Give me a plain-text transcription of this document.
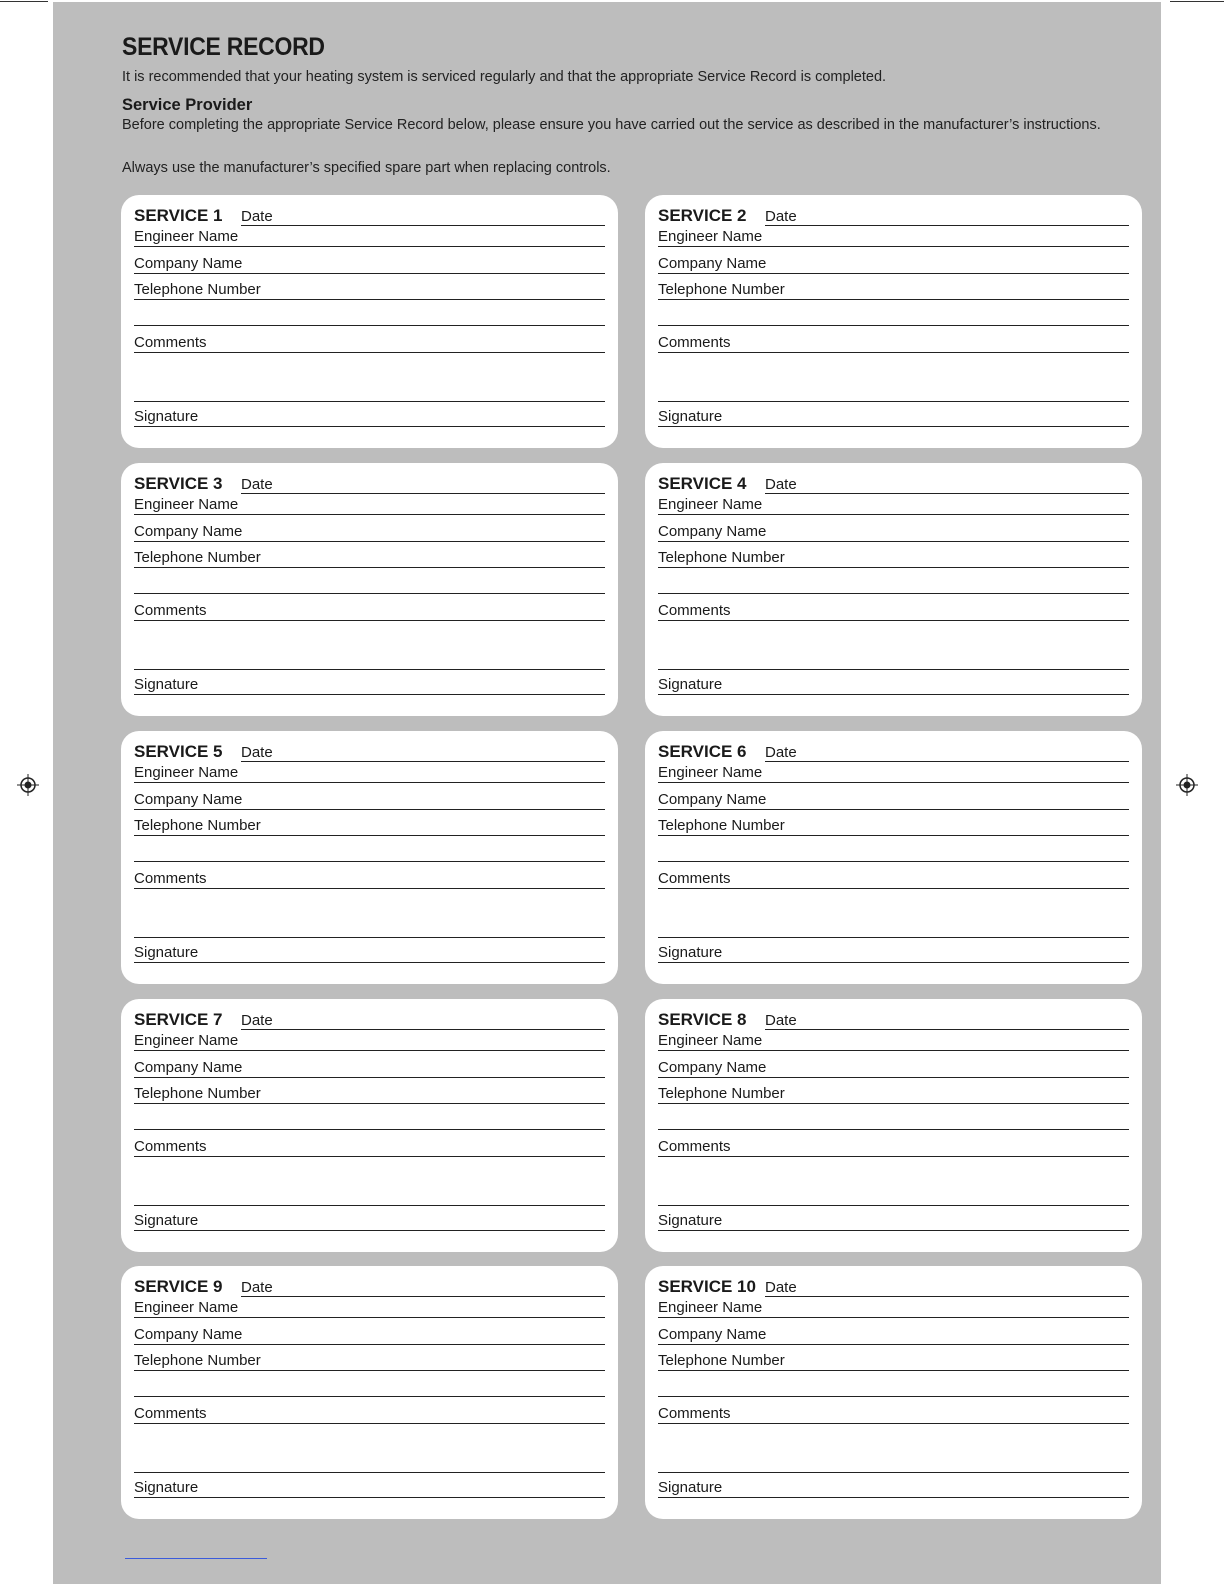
SERVICE RECORD
It is recommended that your heating system is serviced regularly and that the appropriate Service Record is completed.
Service Provider
Before completing the appropriate Service Record below, please ensure you have carried out the service as described in the manufacturer’s instructions.
Always use the manufacturer’s specified spare part when replacing controls.
SERVICE 1 Date
Engineer Name
Company Name
Telephone Number
Comments
Signature
SERVICE 2 Date
Engineer Name
Company Name
Telephone Number
Comments
Signature
SERVICE 3 Date
Engineer Name
Company Name
Telephone Number
Comments
Signature
SERVICE 4 Date
Engineer Name
Company Name
Telephone Number
Comments
Signature
SERVICE 5 Date
Engineer Name
Company Name
Telephone Number
Comments
Signature
SERVICE 6 Date
Engineer Name
Company Name
Telephone Number
Comments
Signature
SERVICE 7 Date
Engineer Name
Company Name
Telephone Number
Comments
Signature
SERVICE 8 Date
Engineer Name
Company Name
Telephone Number
Comments
Signature
SERVICE 9 Date
Engineer Name
Company Name
Telephone Number
Comments
Signature
SERVICE 10 Date
Engineer Name
Company Name
Telephone Number
Comments
Signature
